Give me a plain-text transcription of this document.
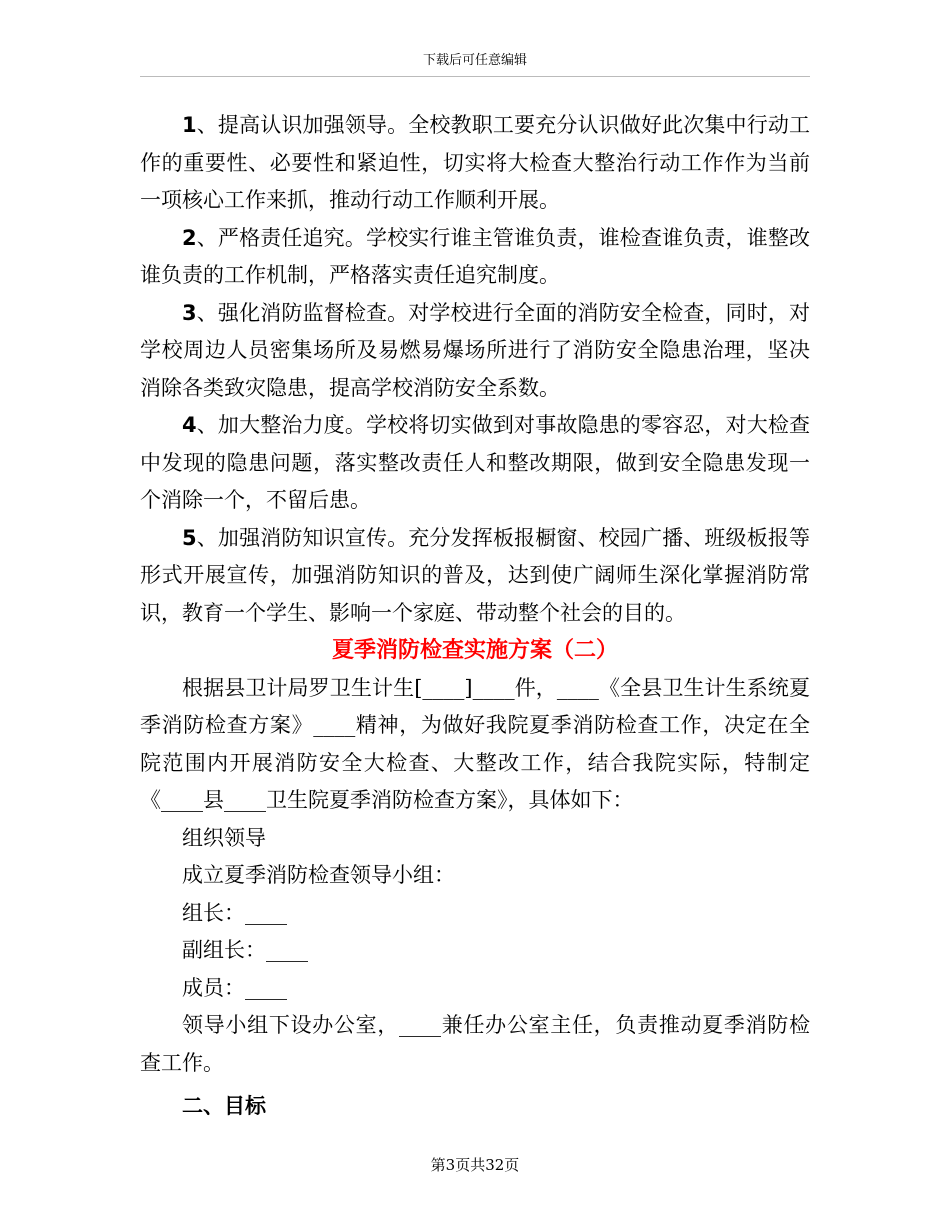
下载后可任意编辑

1、提高认识加强领导。全校教职工要充分认识做好此次集中行动工作的重要性、必要性和紧迫性，切实将大检查大整治行动工作作为当前一项核心工作来抓，推动行动工作顺利开展。

2、严格责任追究。学校实行谁主管谁负责，谁检查谁负责，谁整改谁负责的工作机制，严格落实责任追究制度。

3、强化消防监督检查。对学校进行全面的消防安全检查，同时，对学校周边人员密集场所及易燃易爆场所进行了消防安全隐患治理，坚决消除各类致灾隐患，提高学校消防安全系数。

4、加大整治力度。学校将切实做到对事故隐患的零容忍，对大检查中发现的隐患问题，落实整改责任人和整改期限，做到安全隐患发现一个消除一个，不留后患。

5、加强消防知识宣传。充分发挥板报橱窗、校园广播、班级板报等形式开展宣传，加强消防知识的普及，达到使广阔师生深化掌握消防常识，教育一个学生、影响一个家庭、带动整个社会的目的。

夏季消防检查实施方案（二）

根据县卫计局罗卫生计生[____]____件，____《全县卫生计生系统夏季消防检查方案》____精神，为做好我院夏季消防检查工作，决定在全院范围内开展消防安全大检查、大整改工作，结合我院实际，特制定《____县____卫生院夏季消防检查方案》，具体如下：

组织领导
成立夏季消防检查领导小组：
组长：____
副组长：____
成员：____

领导小组下设办公室，____兼任办公室主任，负责推动夏季消防检查工作。

二、目标
第3页共32页
